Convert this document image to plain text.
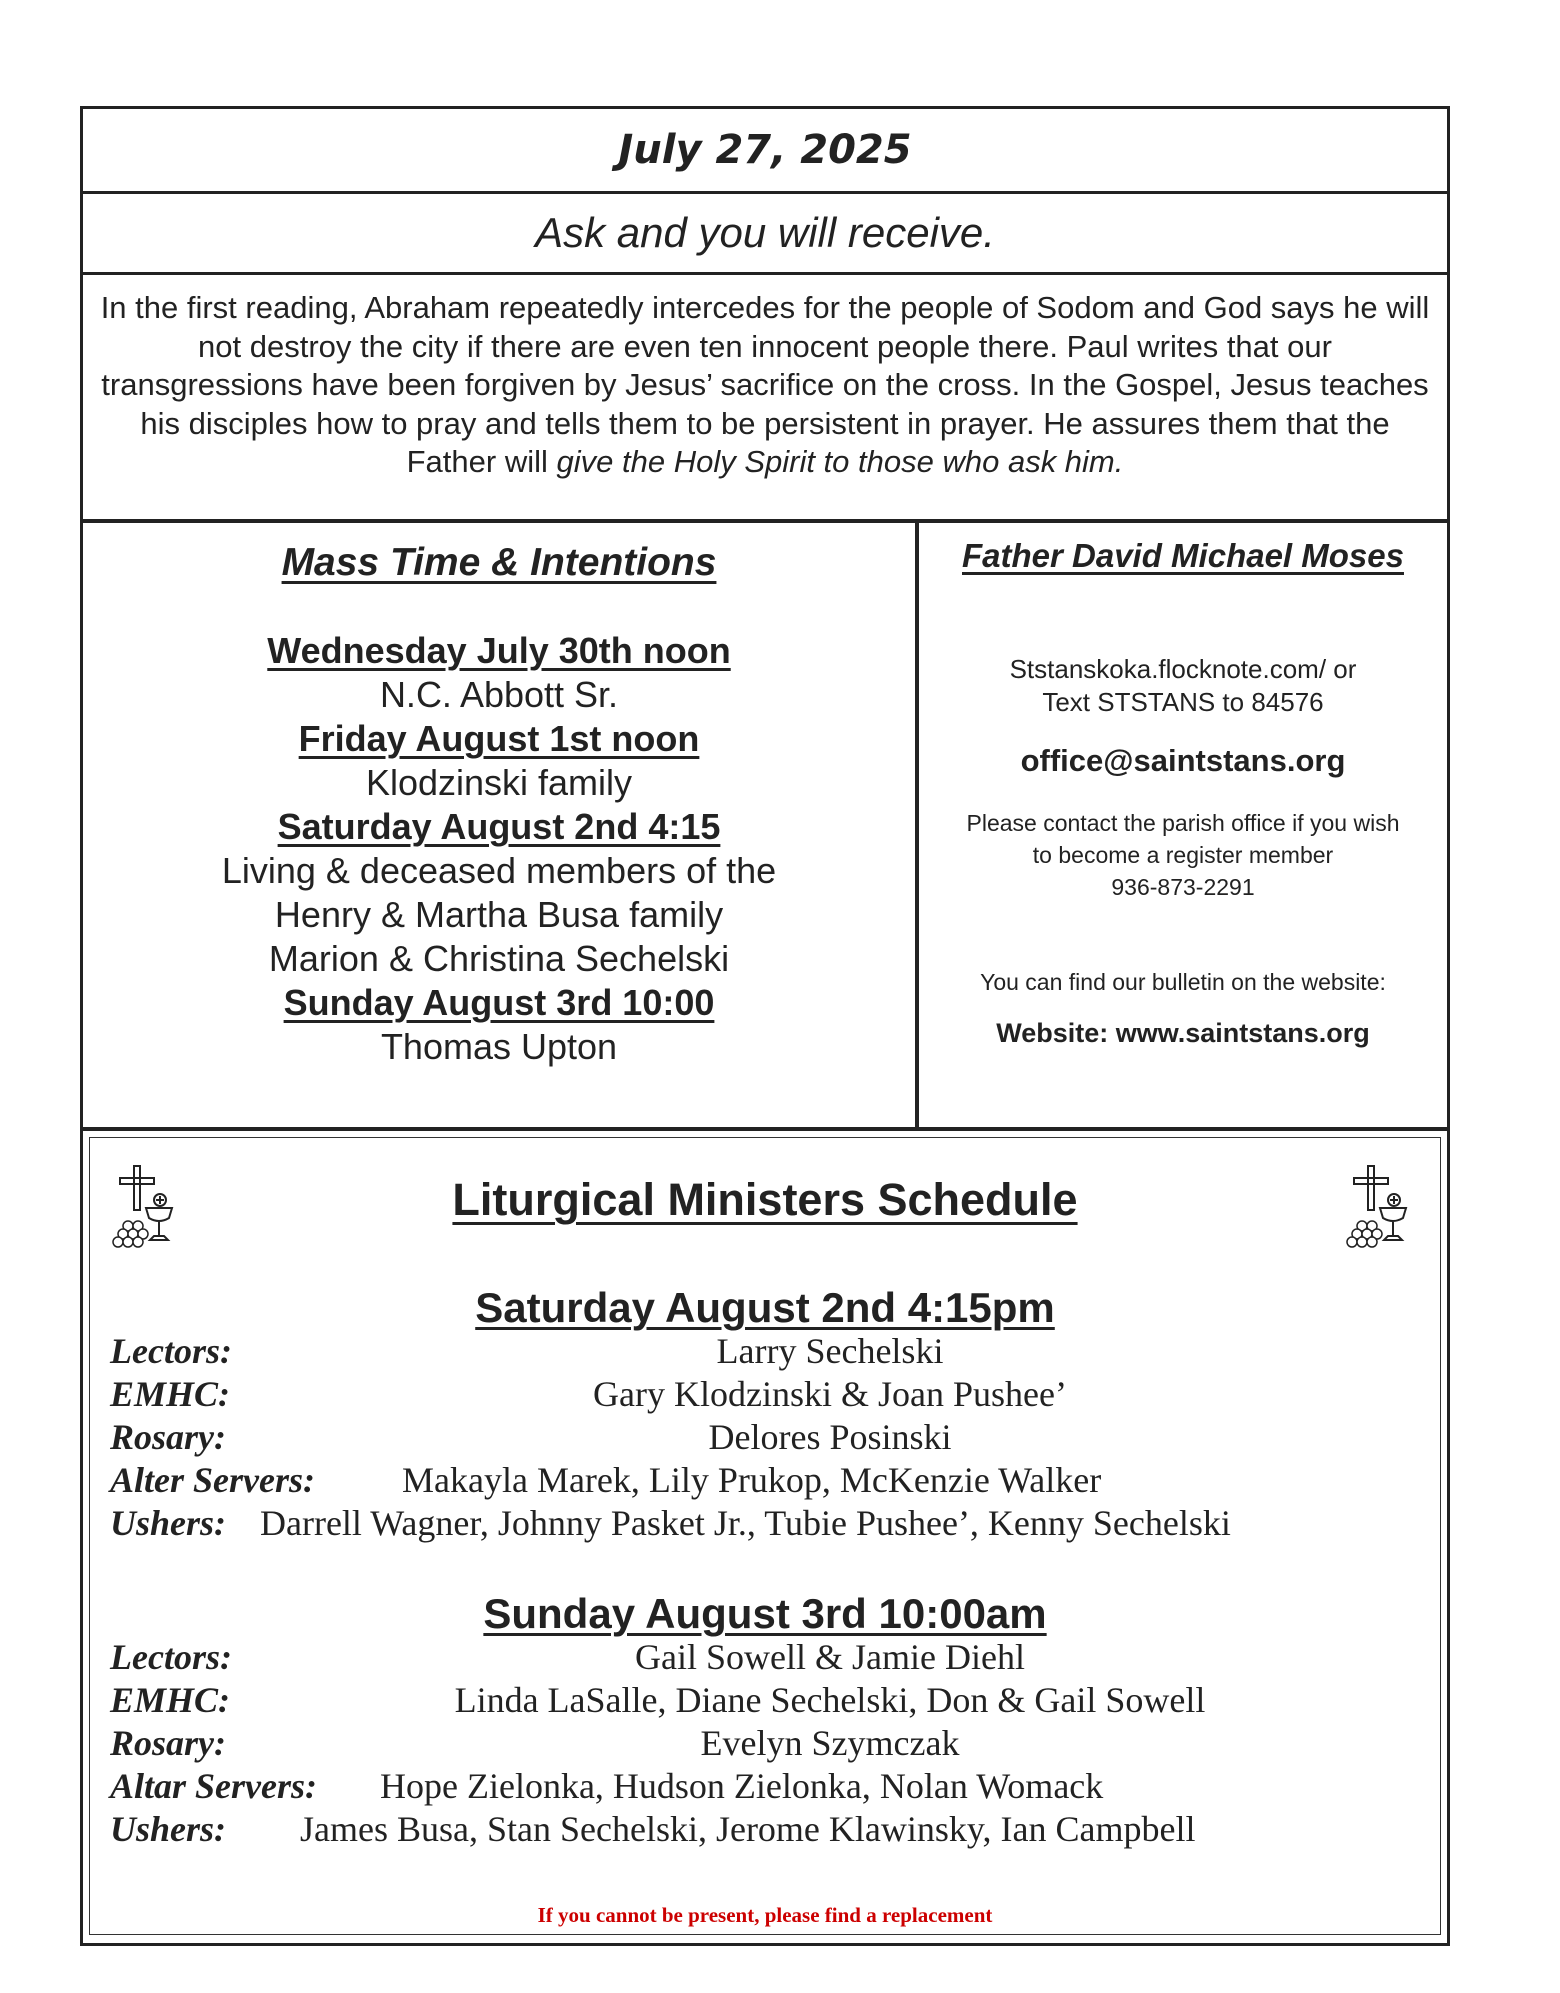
July 27, 2025
Ask and you will receive.
In the first reading, Abraham repeatedly intercedes for the people of Sodom and God says he will not destroy the city if there are even ten innocent people there. Paul writes that our transgressions have been forgiven by Jesus’ sacrifice on the cross. In the Gospel, Jesus teaches his disciples how to pray and tells them to be persistent in prayer. He assures them that the Father will give the Holy Spirit to those who ask him.
Mass Time & Intentions
Wednesday July 30th noon
N.C. Abbott Sr.
Friday August 1st noon
Klodzinski family
Saturday August 2nd 4:15
Living & deceased members of the
Henry & Martha Busa family
Marion & Christina Sechelski
Sunday August 3rd 10:00
Thomas Upton
Father David Michael Moses
Ststanskoka.flocknote.com/ or
Text STSTANS to 84576
office@saintstans.org
Please contact the parish office if you wish
to become a register member
936-873-2291
You can find our bulletin on the website:
Website: www.saintstans.org
Liturgical Ministers Schedule
Saturday August 2nd 4:15pm
Lectors:	Larry Sechelski
EMHC:	Gary Klodzinski & Joan Pushee’
Rosary:	Delores Posinski
Alter Servers: Makayla Marek, Lily Prukop, McKenzie Walker
Ushers: Darrell Wagner, Johnny Pasket Jr., Tubie Pushee’, Kenny Sechelski
Sunday August 3rd 10:00am
Lectors:	Gail Sowell & Jamie Diehl
EMHC:	Linda LaSalle, Diane Sechelski, Don & Gail Sowell
Rosary:	Evelyn Szymczak
Altar Servers: Hope Zielonka, Hudson Zielonka, Nolan Womack
Ushers: James Busa, Stan Sechelski, Jerome Klawinsky, Ian Campbell
If you cannot be present, please find a replacement
